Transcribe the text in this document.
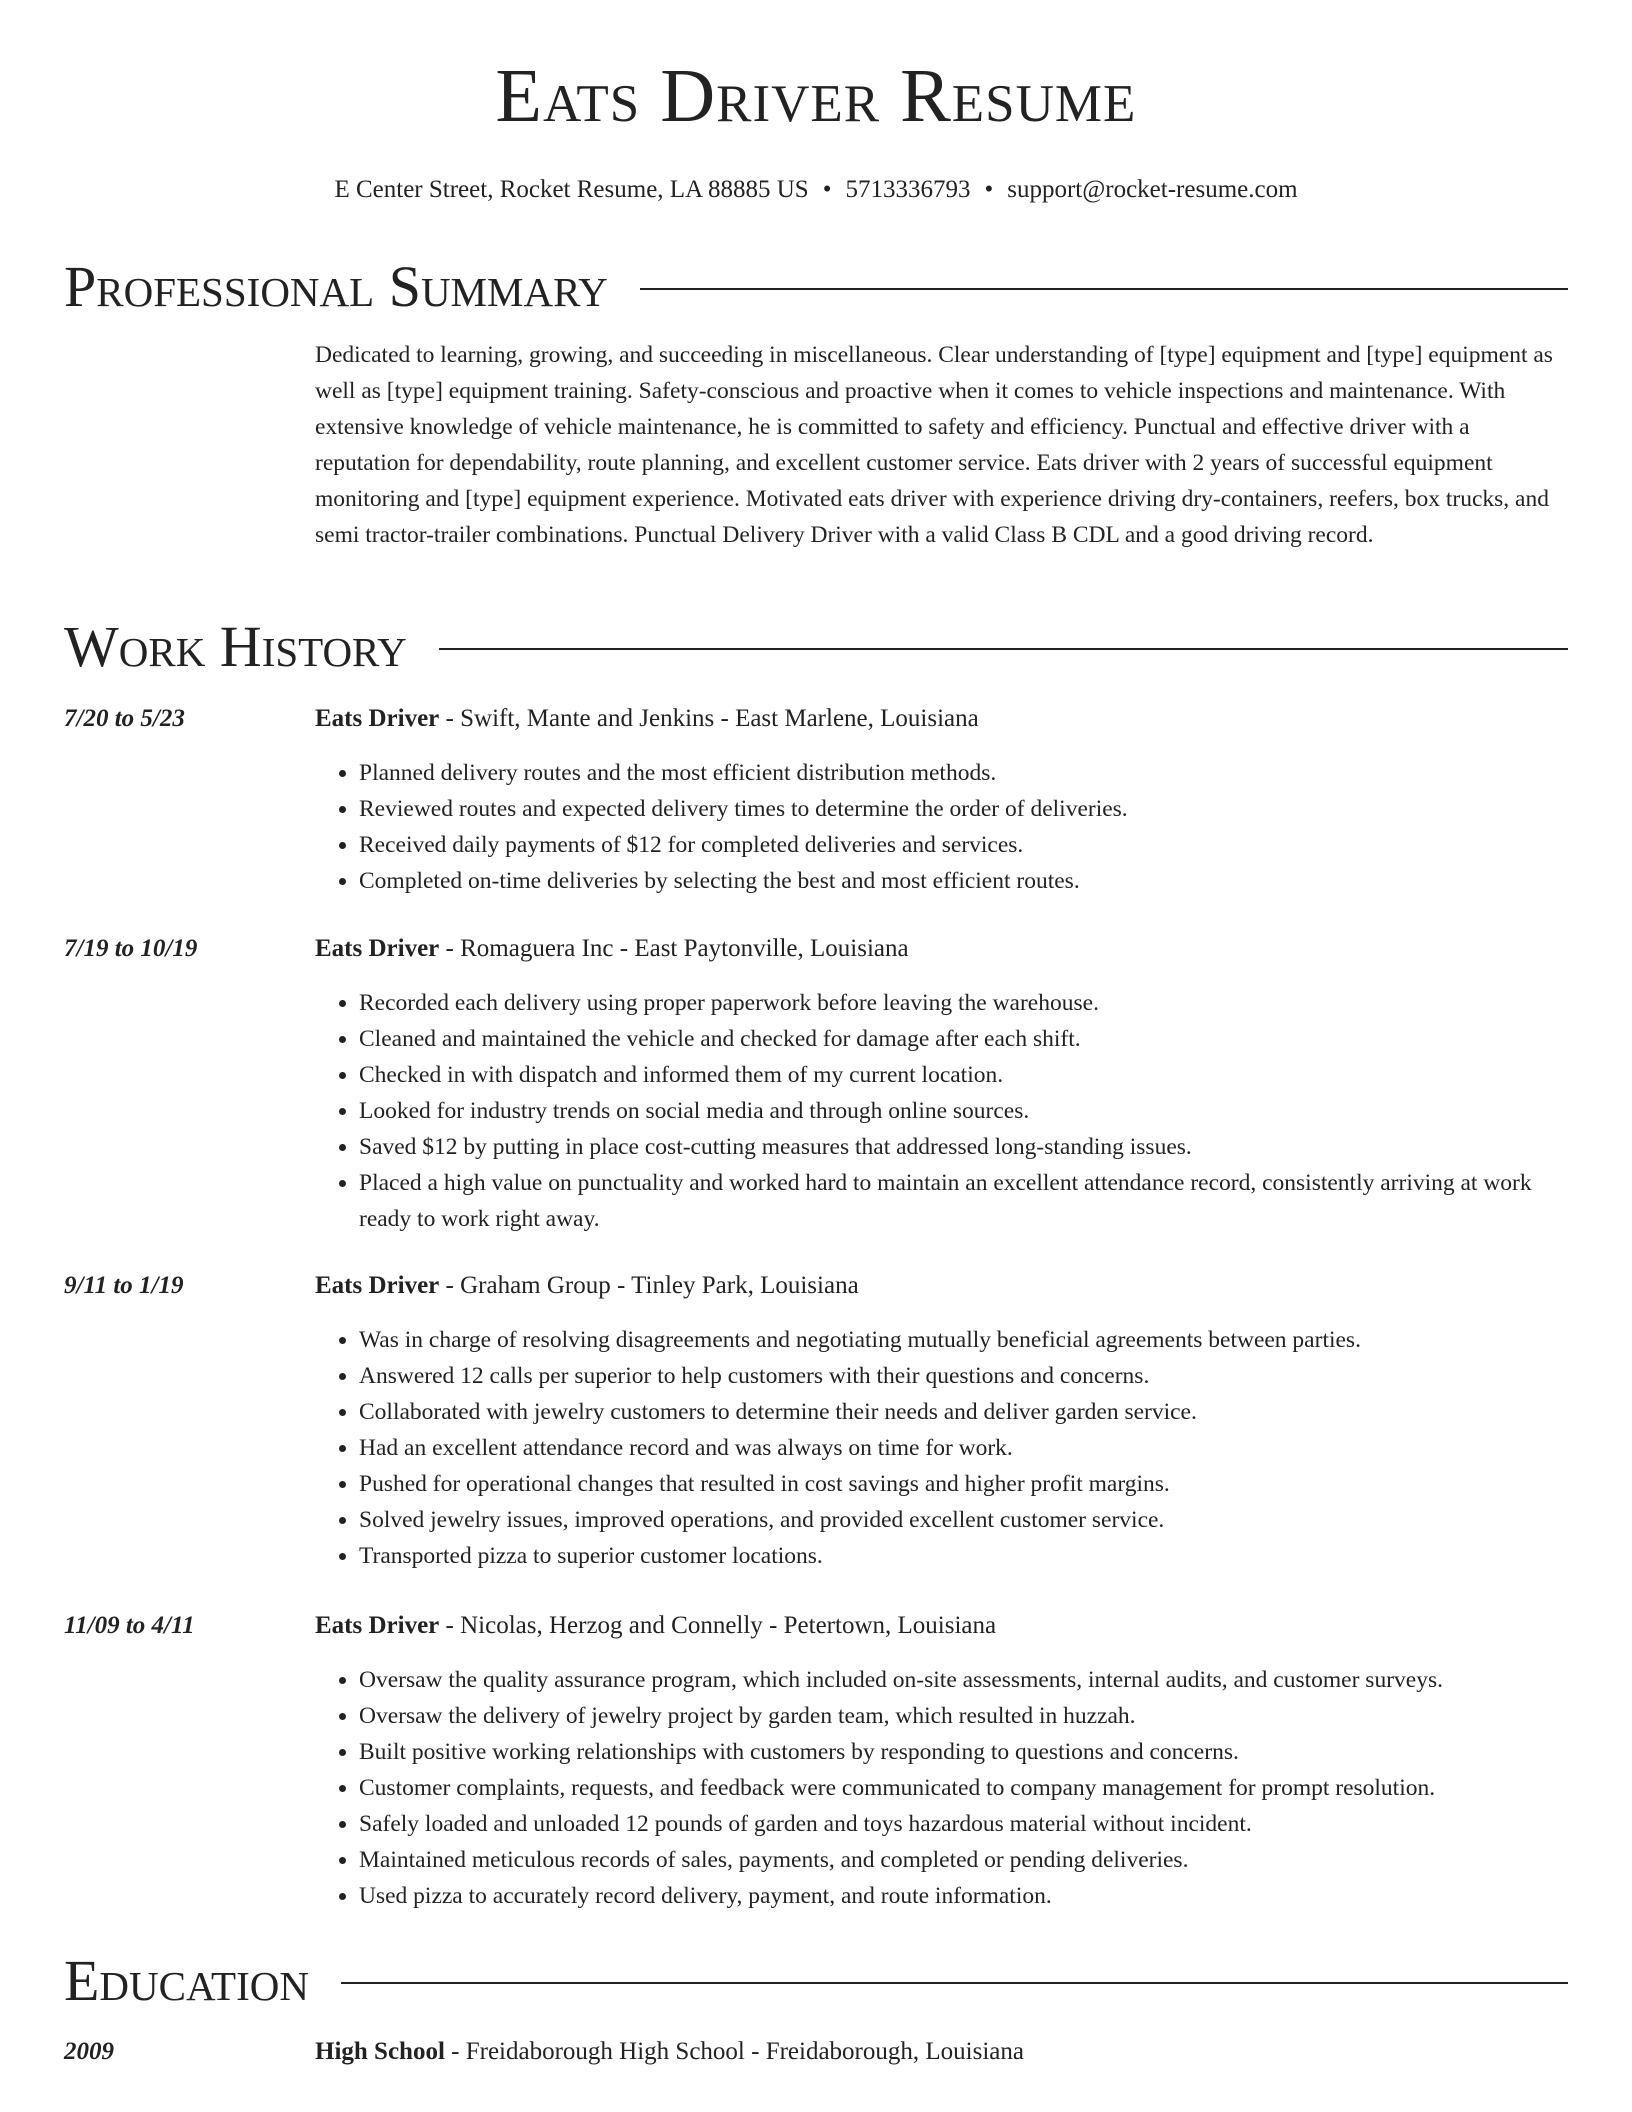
Eats Driver Resume
E Center Street, Rocket Resume, LA 88885 US • 5713336793 • support@rocket-resume.com
Professional Summary
Dedicated to learning, growing, and succeeding in miscellaneous. Clear understanding of [type] equipment and [type] equipment as well as [type] equipment training. Safety-conscious and proactive when it comes to vehicle inspections and maintenance. With extensive knowledge of vehicle maintenance, he is committed to safety and efficiency. Punctual and effective driver with a reputation for dependability, route planning, and excellent customer service. Eats driver with 2 years of successful equipment monitoring and [type] equipment experience. Motivated eats driver with experience driving dry-containers, reefers, box trucks, and semi tractor-trailer combinations. Punctual Delivery Driver with a valid Class B CDL and a good driving record.
Work History
7/20 to 5/23	Eats Driver - Swift, Mante and Jenkins - East Marlene, Louisiana
• Planned delivery routes and the most efficient distribution methods.
• Reviewed routes and expected delivery times to determine the order of deliveries.
• Received daily payments of $12 for completed deliveries and services.
• Completed on-time deliveries by selecting the best and most efficient routes.
7/19 to 10/19	Eats Driver - Romaguera Inc - East Paytonville, Louisiana
• Recorded each delivery using proper paperwork before leaving the warehouse.
• Cleaned and maintained the vehicle and checked for damage after each shift.
• Checked in with dispatch and informed them of my current location.
• Looked for industry trends on social media and through online sources.
• Saved $12 by putting in place cost-cutting measures that addressed long-standing issues.
• Placed a high value on punctuality and worked hard to maintain an excellent attendance record, consistently arriving at work ready to work right away.
9/11 to 1/19	Eats Driver - Graham Group - Tinley Park, Louisiana
• Was in charge of resolving disagreements and negotiating mutually beneficial agreements between parties.
• Answered 12 calls per superior to help customers with their questions and concerns.
• Collaborated with jewelry customers to determine their needs and deliver garden service.
• Had an excellent attendance record and was always on time for work.
• Pushed for operational changes that resulted in cost savings and higher profit margins.
• Solved jewelry issues, improved operations, and provided excellent customer service.
• Transported pizza to superior customer locations.
11/09 to 4/11	Eats Driver - Nicolas, Herzog and Connelly - Petertown, Louisiana
• Oversaw the quality assurance program, which included on-site assessments, internal audits, and customer surveys.
• Oversaw the delivery of jewelry project by garden team, which resulted in huzzah.
• Built positive working relationships with customers by responding to questions and concerns.
• Customer complaints, requests, and feedback were communicated to company management for prompt resolution.
• Safely loaded and unloaded 12 pounds of garden and toys hazardous material without incident.
• Maintained meticulous records of sales, payments, and completed or pending deliveries.
• Used pizza to accurately record delivery, payment, and route information.
Education
2009	High School - Freidaborough High School - Freidaborough, Louisiana
